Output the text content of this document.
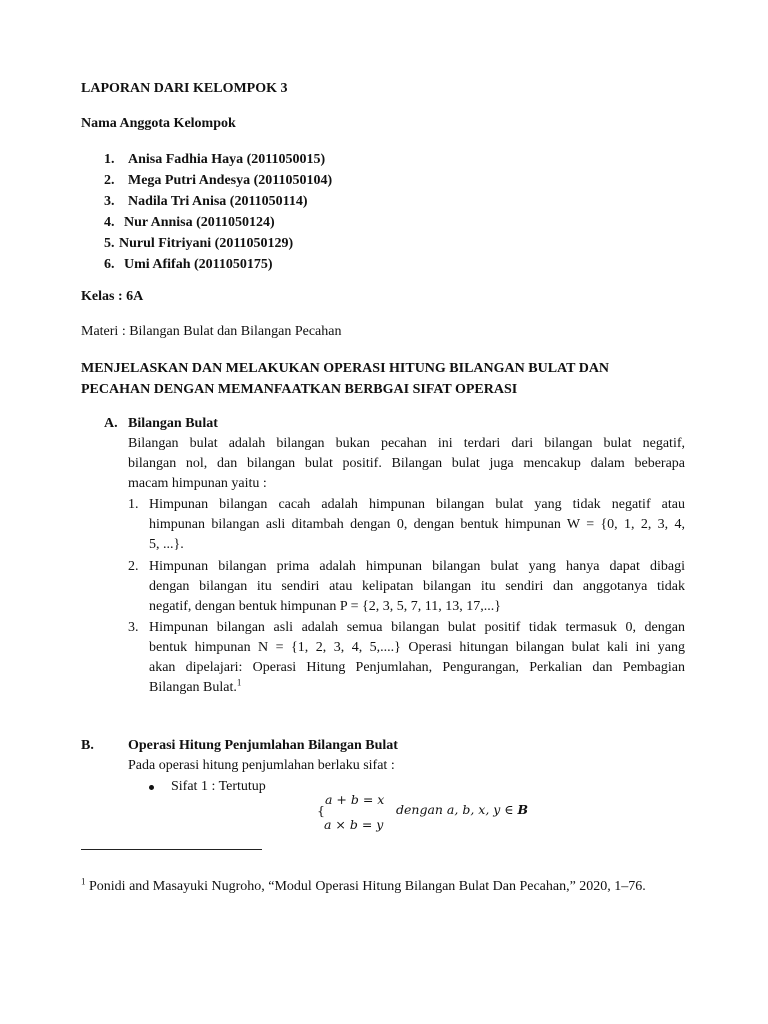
LAPORAN DARI KELOMPOK 3
Nama Anggota Kelompok
1. Anisa Fadhia Haya (2011050015)
2. Mega Putri Andesya (2011050104)
3. Nadila Tri Anisa (2011050114)
4. Nur Annisa (2011050124)
5. Nurul Fitriyani (2011050129)
6. Umi Afifah (2011050175)
Kelas : 6A
Materi : Bilangan Bulat dan Bilangan Pecahan
MENJELASKAN DAN MELAKUKAN OPERASI HITUNG BILANGAN BULAT DAN
PECAHAN DENGAN MEMANFAATKAN BERBGAI SIFAT OPERASI
A. Bilangan Bulat
Bilangan bulat adalah bilangan bukan pecahan ini terdari dari bilangan bulat negatif,
bilangan nol, dan bilangan bulat positif. Bilangan bulat juga mencakup dalam beberapa
macam himpunan yaitu :
1. Himpunan bilangan cacah adalah himpunan bilangan bulat yang tidak negatif atau
himpunan bilangan asli ditambah dengan 0, dengan bentuk himpunan W = {0, 1, 2, 3, 4,
5, ...}.
2. Himpunan bilangan prima adalah himpunan bilangan bulat yang hanya dapat dibagi
dengan bilangan itu sendiri atau kelipatan bilangan itu sendiri dan anggotanya tidak
negatif, dengan bentuk himpunan P = {2, 3, 5, 7, 11, 13, 17,...}
3. Himpunan bilangan asli adalah semua bilangan bulat positif tidak termasuk 0, dengan
bentuk himpunan N = {1, 2, 3, 4, 5,....} Operasi hitungan bilangan bulat kali ini yang
akan dipelajari: Operasi Hitung Penjumlahan, Pengurangan, Perkalian dan Pembagian
Bilangan Bulat.$^1$
B. Operasi Hitung Penjumlahan Bilangan Bulat
Pada operasi hitung penjumlahan berlaku sifat :
Sifat 1 : Tertutup
{
a + b = x
a × b = y
dengan a, b, x, y ∈ B
$^1$ Ponidi and Masayuki Nugroho, “Modul Operasi Hitung Bilangan Bulat Dan Pecahan,” 2020, 1–76.
